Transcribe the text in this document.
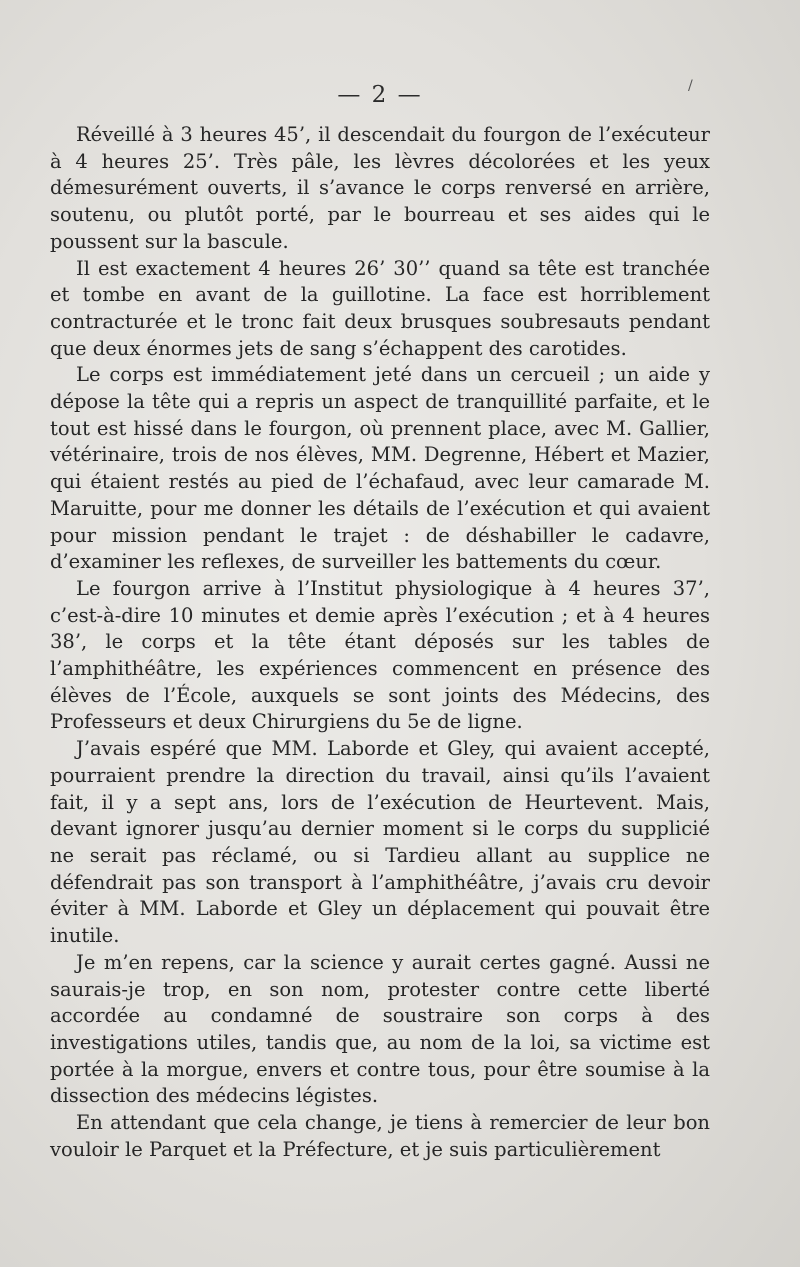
— 2 —	/

Réveillé à 3 heures 45’, il descendait du fourgon de l’exécuteur à 4 heures 25’. Très pâle, les lèvres décolorées et les yeux démesurément ouverts, il s’avance le corps renversé en arrière, soutenu, ou plutôt porté, par le bourreau et ses aides qui le poussent sur la bascule.

Il est exactement 4 heures 26’ 30’’ quand sa tête est tranchée et tombe en avant de la guillotine. La face est horriblement contracturée et le tronc fait deux brusques soubresauts pendant que deux énormes jets de sang s’échappent des carotides.

Le corps est immédiatement jeté dans un cercueil ; un aide y dépose la tête qui a repris un aspect de tranquillité parfaite, et le tout est hissé dans le fourgon, où prennent place, avec M. Gallier, vétérinaire, trois de nos élèves, MM. Degrenne, Hébert et Mazier, qui étaient restés au pied de l’échafaud, avec leur camarade M. Maruitte, pour me donner les détails de l’exécution et qui avaient pour mission pendant le trajet : de déshabiller le cadavre, d’examiner les reflexes, de surveiller les battements du cœur.

Le fourgon arrive à l’Institut physiologique à 4 heures 37’, c’est-à-dire 10 minutes et demie après l’exécution ; et à 4 heures 38’, le corps et la tête étant déposés sur les tables de l’amphithéâtre, les expériences commencent en présence des élèves de l’École, auxquels se sont joints des Médecins, des Professeurs et deux Chirurgiens du 5e de ligne.

J’avais espéré que MM. Laborde et Gley, qui avaient accepté, pourraient prendre la direction du travail, ainsi qu’ils l’avaient fait, il y a sept ans, lors de l’exécution de Heurtevent. Mais, devant ignorer jusqu’au dernier moment si le corps du supplicié ne serait pas réclamé, ou si Tardieu allant au supplice ne défendrait pas son transport à l’amphithéâtre, j’avais cru devoir éviter à MM. Laborde et Gley un déplacement qui pouvait être inutile.

Je m’en repens, car la science y aurait certes gagné. Aussi ne saurais-je trop, en son nom, protester contre cette liberté accordée au condamné de soustraire son corps à des investigations utiles, tandis que, au nom de la loi, sa victime est portée à la morgue, envers et contre tous, pour être soumise à la dissection des médecins légistes.

En attendant que cela change, je tiens à remercier de leur bon vouloir le Parquet et la Préfecture, et je suis particulièrement
